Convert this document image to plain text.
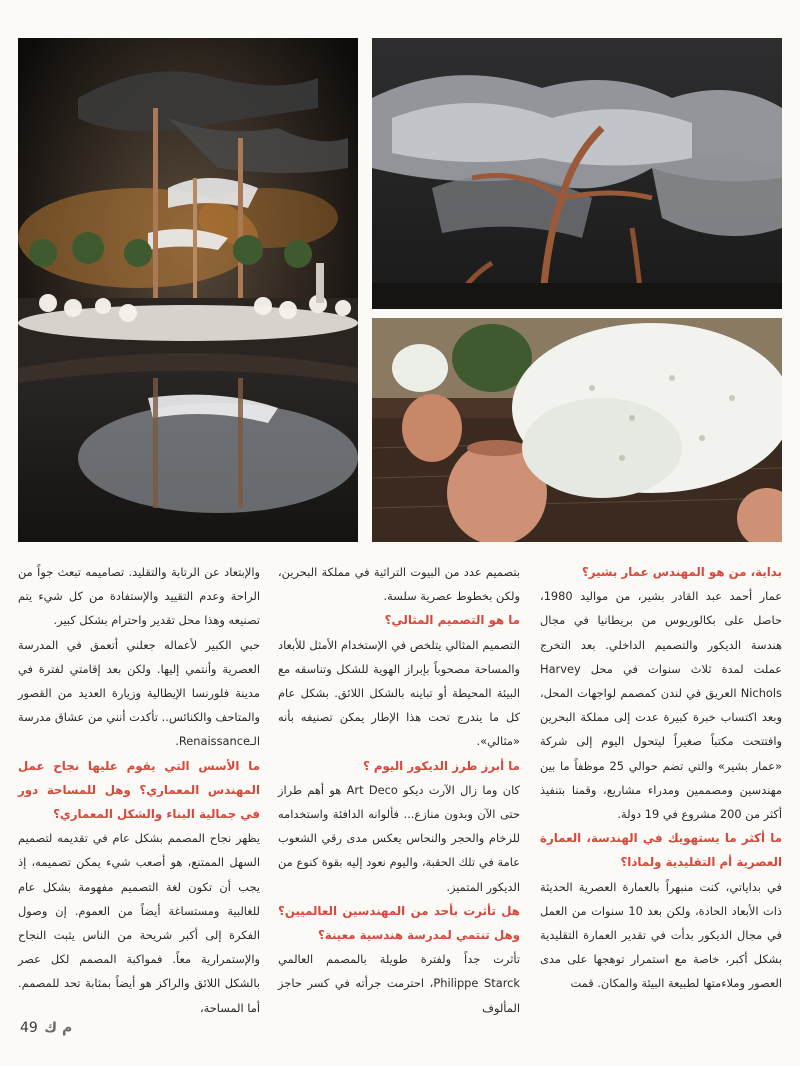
بداية، من هو المهندس عمار بشير؟

عمار أحمد عبد القادر بشير، من مواليد 1980، حاصل على بكالوريوس من بريطانيا في مجال هندسة الديكور والتصميم الداخلي. بعد التخرج عملت لمدة ثلاث سنوات في محل Harvey Nichols العريق في لندن كمصمم لواجهات المحل، وبعد اكتساب خبرة كبيرة عدت إلى مملكة البحرين وافتتحت مكتباً صغيراً ليتحول اليوم إلى شركة «عمار بشير» والتي تضم حوالي 25 موظفاً ما بين مهندسين ومصممين ومدراء مشاريع، وقمنا بتنفيذ أكثر من 200 مشروع في 19 دولة.

ما أكثر ما يستهويك في الهندسة، العمارة العصرية أم التقليدية ولماذا؟

في بداياتي، كنت منبهراً بالعمارة العصرية الحديثة ذات الأبعاد الحادة، ولكن بعد 10 سنوات من العمل في مجال الديكور بدأت في تقدير العمارة التقليدية بشكل أكبر، خاصة مع استمرار توهجها على مدى العصور وملاءمتها لطبيعة البيئة والمكان. قمت

بتصميم عدد من البيوت التراثية في مملكة البحرين، ولكن بخطوط عصرية سلسة.

ما هو التصميم المثالي؟

التصميم المثالي يتلخص في الإستخدام الأمثل للأبعاد والمساحة مصحوباً بإبراز الهوية للشكل وتناسقه مع البيئة المحيطة أو تباينه بالشكل اللائق. بشكل عام كل ما يندرج تحت هذا الإطار يمكن تصنيفه بأنه «مثالي».

ما أبرز طرز الديكور اليوم ؟

كان وما زال الآرت ديكو Art Deco هو أهم طراز حتى الآن وبدون منازع... فألوانه الدافئة واستخدامه للرخام والحجر والنحاس يعكس مدى رقي الشعوب عامة في تلك الحقبة، واليوم نعود إليه بقوة كنوع من الديكور المتميز.

هل تأثرت بأحد من المهندسين العالميين؟ وهل تنتمي لمدرسة هندسية معينة؟

تأثرت جداً ولفترة طويلة بالمصمم العالمي Philippe Starck، احترمت جرأته في كسر حاجز المألوف

والإبتعاد عن الرتابة والتقليد. تصاميمه تبعث جواً من الراحة وعدم التقييد والإستفادة من كل شيء يتم تصنيعه وهذا محل تقدير واحترام بشكل كبير.

حبي الكبير لأعماله جعلني أتعمق في المدرسة العصرية وأنتمي إليها. ولكن بعد إقامتي لفترة في مدينة فلورنسا الإيطالية وزيارة العديد من القصور والمتاحف والكنائس.. تأكدت أنني من عشاق مدرسة الـRenaissance.

ما الأسس التي يقوم عليها نجاح عمل المهندس المعماري؟ وهل للمساحة دور في جمالية البناء والشكل المعماري؟

يظهر نجاح المصمم بشكل عام في تقديمه لتصميم السهل الممتنع، هو أصعب شيء يمكن تصميمه، إذ يجب أن تكون لغة التصميم مفهومة بشكل عام للغالبية ومستساغة أيضاً من العموم. إن وصول الفكرة إلى أكبر شريحة من الناس يثبت النجاح والإستمرارية معاً. فمواكبة المصمم لكل عصر بالشكل اللائق والراكز هو أيضاً بمثابة تحد للمصمم. أما المساحة،

49 م ك
